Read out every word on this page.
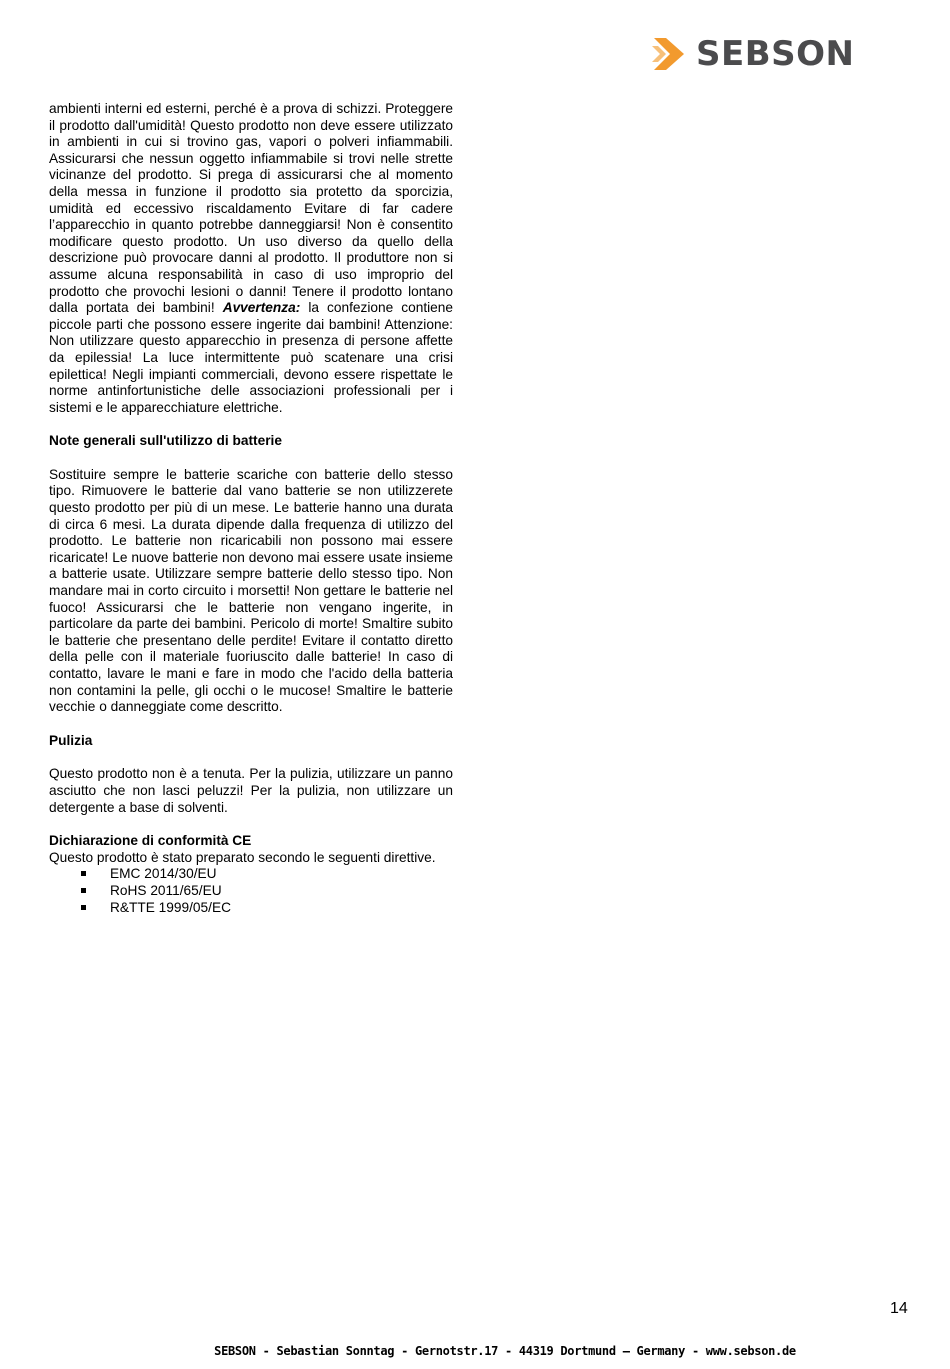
SEBSON

ambienti interni ed esterni, perché è a prova di schizzi. Proteggere il prodotto dall'umidità! Questo prodotto non deve essere utilizzato in ambienti in cui si trovino gas, vapori o polveri infiammabili. Assicurarsi che nessun oggetto infiammabile si trovi nelle strette vicinanze del prodotto. Si prega di assicurarsi che al momento della messa in funzione il prodotto sia protetto da sporcizia, umidità ed eccessivo riscaldamento Evitare di far cadere l’apparecchio in quanto potrebbe danneggiarsi! Non è consentito modificare questo prodotto. Un uso diverso da quello della descrizione può provocare danni al prodotto. Il produttore non si assume alcuna responsabilità in caso di uso improprio del prodotto che provochi lesioni o danni! Tenere il prodotto lontano dalla portata dei bambini! Avvertenza: la confezione contiene piccole parti che possono essere ingerite dai bambini! Attenzione: Non utilizzare questo apparecchio in presenza di persone affette da epilessia! La luce intermittente può scatenare una crisi epilettica! Negli impianti commerciali, devono essere rispettate le norme antinfortunistiche delle associazioni professionali per i sistemi e le apparecchiature elettriche.

Note generali sull'utilizzo di batterie

Sostituire sempre le batterie scariche con batterie dello stesso tipo. Rimuovere le batterie dal vano batterie se non utilizzerete questo prodotto per più di un mese. Le batterie hanno una durata di circa 6 mesi. La durata dipende dalla frequenza di utilizzo del prodotto. Le batterie non ricaricabili non possono mai essere ricaricate! Le nuove batterie non devono mai essere usate insieme a batterie usate. Utilizzare sempre batterie dello stesso tipo. Non mandare mai in corto circuito i morsetti! Non gettare le batterie nel fuoco! Assicurarsi che le batterie non vengano ingerite, in particolare da parte dei bambini. Pericolo di morte! Smaltire subito le batterie che presentano delle perdite! Evitare il contatto diretto della pelle con il materiale fuoriuscito dalle batterie! In caso di contatto, lavare le mani e fare in modo che l'acido della batteria non contamini la pelle, gli occhi o le mucose! Smaltire le batterie vecchie o danneggiate come descritto.

Pulizia

Questo prodotto non è a tenuta. Per la pulizia, utilizzare un panno asciutto che non lasci peluzzi! Per la pulizia, non utilizzare un detergente a base di solventi.

Dichiarazione di conformità CE

Questo prodotto è stato preparato secondo le seguenti direttive.

EMC 2014/30/EU
RoHS 2011/65/EU
R&TTE 1999/05/EC
14
SEBSON - Sebastian Sonntag - Gernotstr.17 - 44319 Dortmund – Germany - www.sebson.de
